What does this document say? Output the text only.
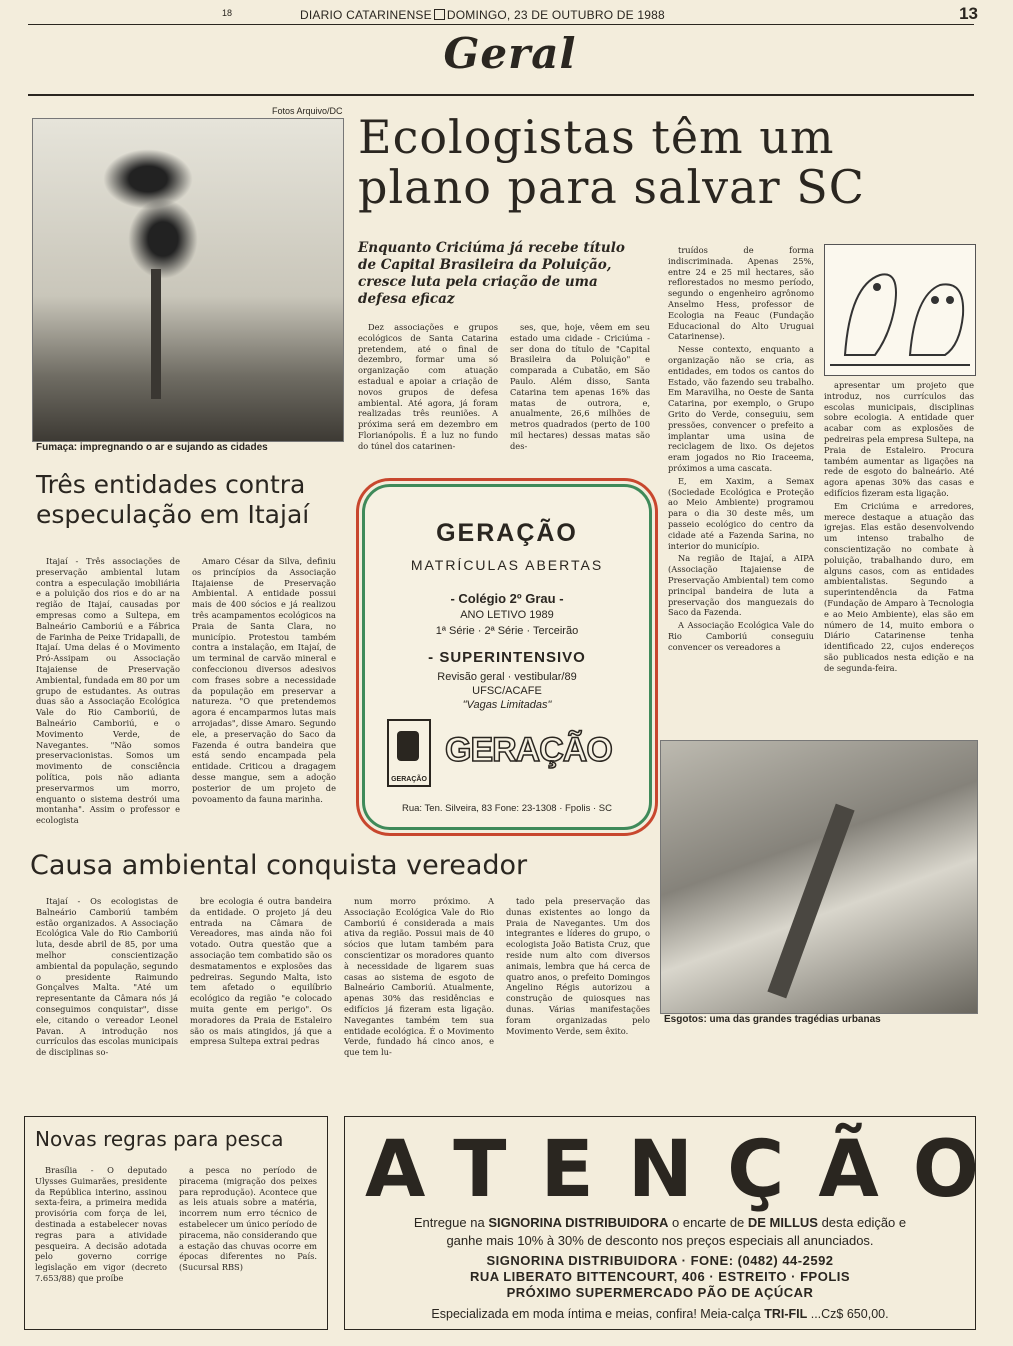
18	DIARIO CATARINENSE DOMINGO, 23 DE OUTUBRO DE 1988	13
Geral
Fotos Arquivo/DC
Fumaça: impregnando o ar e sujando as cidades
Ecologistas têm um
plano para salvar SC
Enquanto Criciúma já recebe título de Capital Brasileira da Poluição, cresce luta pela criação de uma defesa eficaz

Dez associações e grupos ecológicos de Santa Catarina pretendem, até o final de dezembro, formar uma só organização com atuação estadual e apoiar a criação de novos grupos de defesa ambiental. Até agora, já foram realizadas três reuniões. A próxima será em dezembro em Florianópolis. É a luz no fundo do túnel dos catarinen-

ses, que, hoje, vêem em seu estado uma cidade - Criciúma - ser dona do título de "Capital Brasileira da Poluição" e comparada a Cubatão, em São Paulo. Além disso, Santa Catarina tem apenas 16% das matas de outrora, e, anualmente, 26,6 milhões de metros quadrados (perto de 100 mil hectares) dessas matas são des-

truídos de forma indiscriminada. Apenas 25%, entre 24 e 25 mil hectares, são reflorestados no mesmo período, segundo o engenheiro agrônomo Anselmo Hess, professor de Ecologia na Feauc (Fundação Educacional do Alto Uruguai Catarinense).

Nesse contexto, enquanto a organização não se cria, as entidades, em todos os cantos do Estado, vão fazendo seu trabalho. Em Maravilha, no Oeste de Santa Catarina, por exemplo, o Grupo Grito do Verde, conseguiu, sem pressões, convencer o prefeito a implantar uma usina de reciclagem de lixo. Os dejetos eram jogados no Rio Iraceema, próximos a uma cascata.

E, em Xaxim, a Semax (Sociedade Ecológica e Proteção ao Meio Ambiente) programou para o dia 30 deste mês, um passeio ecológico do centro da cidade até a Fazenda Sarina, no interior do município.

Na região de Itajaí, a AIPA (Associação Itajaiense de Preservação Ambiental) tem como principal bandeira de luta a preservação dos manguezais do Saco da Fazenda.

A Associação Ecológica Vale do Rio Camboriú conseguiu convencer os vereadores a

apresentar um projeto que introduz, nos currículos das escolas municipais, disciplinas sobre ecologia. A entidade quer acabar com as explosões de pedreiras pela empresa Sultepa, na Praia de Estaleiro. Procura também aumentar as ligações na rede de esgoto do balneário. Até agora apenas 30% das casas e edifícios fizeram esta ligação.

Em Criciúma e arredores, merece destaque a atuação das igrejas. Elas estão desenvolvendo um intenso trabalho de conscientização no combate à poluição, trabalhando duro, em alguns casos, com as entidades ambientalistas. Segundo a superintendência da Fatma (Fundação de Amparo à Tecnologia e ao Meio Ambiente), elas são em número de 14, muito embora o Diário Catarinense tenha identificado 22, cujos endereços são publicados nesta edição e na de segunda-feira.

Três entidades contra
especulação em Itajaí

Itajaí - Três associações de preservação ambiental lutam contra a especulação imobiliária e a poluição dos rios e do ar na região de Itajaí, causadas por empresas como a Sultepa, em Balneário Camboriú e a Fábrica de Farinha de Peixe Tridapalli, de Itajaí. Uma delas é o Movimento Pró-Assipam ou Associação Itajaiense de Preservação Ambiental, fundada em 80 por um grupo de estudantes. As outras duas são a Associação Ecológica Vale do Rio Camboriú, de Balneário Camboriú, e o Movimento Verde, de Navegantes. "Não somos preservacionistas. Somos um movimento de consciência política, pois não adianta preservarmos um morro, enquanto o sistema destrói uma montanha". Assim o professor e ecologista

Amaro César da Silva, definiu os princípios da Associação Itajaiense de Preservação Ambiental. A entidade possui mais de 400 sócios e já realizou três acampamentos ecológicos na Praia de Santa Clara, no município. Protestou também contra a instalação, em Itajaí, de um terminal de carvão mineral e confeccionou diversos adesivos com frases sobre a necessidade da população em preservar a natureza. "O que pretendemos agora é encamparmos lutas mais arrojadas", disse Amaro. Segundo ele, a preservação do Saco da Fazenda é outra bandeira que está sendo encampada pela entidade. Criticou a dragagem desse mangue, sem a adoção posterior de um projeto de povoamento da fauna marinha.

GERAÇÃO
MATRÍCULAS ABERTAS
- Colégio 2º Grau -
ANO LETIVO 1989
1ª Série · 2ª Série · Terceirão
- SUPERINTENSIVO
Revisão geral · vestibular/89
UFSC/ACAFE
"Vagas Limitadas"
GERAÇÃO
GERAÇÃO
Rua: Ten. Silveira, 83 Fone: 23-1308 · Fpolis · SC
Esgotos: uma das grandes tragédias urbanas
Causa ambiental conquista vereador

Itajaí - Os ecologistas de Balneário Camboriú também estão organizados. A Associação Ecológica Vale do Rio Camboriú luta, desde abril de 85, por uma melhor conscientização ambiental da população, segundo o presidente Raimundo Gonçalves Malta. "Até um representante da Câmara nós já conseguimos conquistar", disse ele, citando o vereador Leonel Pavan. A introdução nos currículos das escolas municipais de disciplinas so-

bre ecologia é outra bandeira da entidade. O projeto já deu entrada na Câmara de Vereadores, mas ainda não foi votado. Outra questão que a associação tem combatido são os desmatamentos e explosões das pedreiras. Segundo Malta, isto tem afetado o equilíbrio ecológico da região "e colocado muita gente em perigo". Os moradores da Praia de Estaleiro são os mais atingidos, já que a empresa Sultepa extrai pedras

num morro próximo. A Associação Ecológica Vale do Rio Camboriú é considerada a mais ativa da região. Possui mais de 40 sócios que lutam também para conscientizar os moradores quanto à necessidade de ligarem suas casas ao sistema de esgoto de Balneário Camboriú. Atualmente, apenas 30% das residências e edifícios já fizeram esta ligação. Navegantes também tem sua entidade ecológica. É o Movimento Verde, fundado há cinco anos, e que tem lu-

tado pela preservação das dunas existentes ao longo da Praia de Navegantes. Um dos integrantes e líderes do grupo, o ecologista João Batista Cruz, que reside num alto com diversos animais, lembra que há cerca de quatro anos, o prefeito Domingos Angelino Régis autorizou a construção de quiosques nas dunas. Várias manifestações foram organizadas pelo Movimento Verde, sem êxito.

Novas regras para pesca

Brasília - O deputado Ulysses Guimarães, presidente da República interino, assinou sexta-feira, a primeira medida provisória com força de lei, destinada a estabelecer novas regras para a atividade pesqueira. A decisão adotada pelo governo corrige legislação em vigor (decreto 7.653/88) que proíbe

a pesca no período de piracema (migração dos peixes para reprodução). Acontece que as leis atuais sobre a matéria, incorrem num erro técnico de estabelecer um único período de piracema, não considerando que a estação das chuvas ocorre em épocas diferentes no País. (Sucursal RBS)

ATENÇÃO
Entregue na SIGNORINA DISTRIBUIDORA o encarte de DE MILLUS desta edição e
ganhe mais 10% à 30% de desconto nos preços especiais all anunciados.
SIGNORINA DISTRIBUIDORA · FONE: (0482) 44-2592
RUA LIBERATO BITTENCOURT, 406 · ESTREITO · FPOLIS
PRÓXIMO SUPERMERCADO PÃO DE AÇÚCAR
Especializada em moda íntima e meias, confira! Meia-calça TRI-FIL ...Cz$ 650,00.
